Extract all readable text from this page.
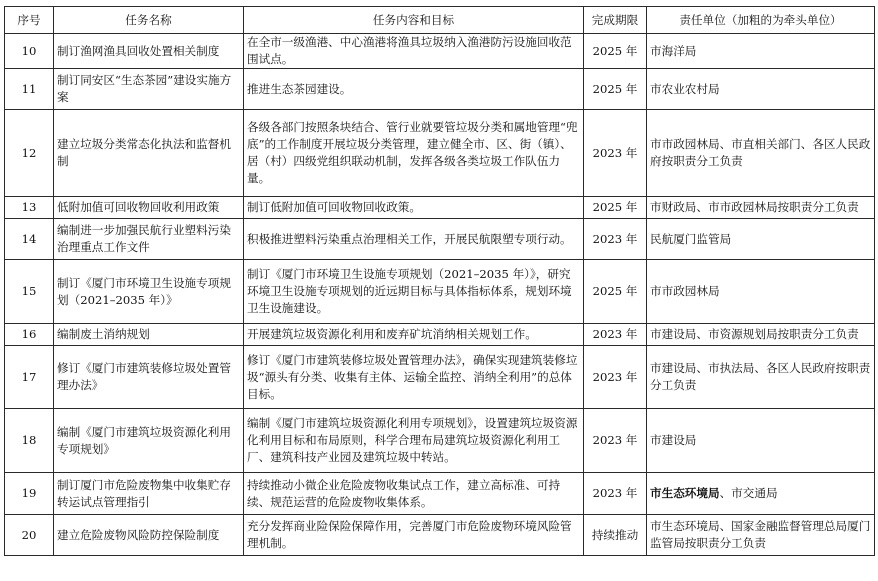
序号	任务名称	任务内容和目标	完成期限	责任单位（加粗的为牵头单位）
10	制订渔网渔具回收处置相关制度	在全市一级渔港、中心渔港将渔具垃圾纳入渔港防污设施回收范围试点。	2025 年	市海洋局
11	制订同安区“生态茶园”建设实施方案	推进生态茶园建设。	2025 年	市农业农村局
12	建立垃圾分类常态化执法和监督机制	各级各部门按照条块结合、管行业就要管垃圾分类和属地管理“兜底”的工作制度开展垃圾分类管理，建立健全市、区、街（镇）、居（村）四级党组织联动机制，发挥各级各类垃圾工作队伍力量。	2023 年	市市政园林局、市直相关部门、各区人民政府按职责分工负责
13	低附加值可回收物回收利用政策	制订低附加值可回收物回收政策。	2025 年	市财政局、市市政园林局按职责分工负责
14	编制进一步加强民航行业塑料污染治理重点工作文件	积极推进塑料污染重点治理相关工作，开展民航限塑专项行动。	2023 年	民航厦门监管局
15	制订《厦门市环境卫生设施专项规划（2021–2035 年）》	制订《厦门市环境卫生设施专项规划（2021–2035 年）》，研究环境卫生设施专项规划的近远期目标与具体指标体系，规划环境卫生设施建设。	2025 年	市市政园林局
16	编制废土消纳规划	开展建筑垃圾资源化利用和废弃矿坑消纳相关规划工作。	2023 年	市建设局、市资源规划局按职责分工负责
17	修订《厦门市建筑装修垃圾处置管理办法》	修订《厦门市建筑装修垃圾处置管理办法》，确保实现建筑装修垃圾“源头有分类、收集有主体、运输全监控、消纳全利用”的总体目标。	2023 年	市建设局、市执法局、各区人民政府按职责分工负责
18	编制《厦门市建筑垃圾资源化利用专项规划》	编制《厦门市建筑垃圾资源化利用专项规划》，设置建筑垃圾资源化利用目标和布局原则，科学合理布局建筑垃圾资源化利用工厂、建筑科技产业园及建筑垃圾中转站。	2023 年	市建设局
19	制订厦门市危险废物集中收集贮存转运试点管理指引	持续推动小微企业危险废物收集试点工作，建立高标准、可持续、规范运营的危险废物收集体系。	2023 年	市生态环境局、市交通局
20	建立危险废物风险防控保险制度	充分发挥商业险保险保障作用，完善厦门市危险废物环境风险管理机制。	持续推动	市生态环境局、国家金融监督管理总局厦门监管局按职责分工负责
